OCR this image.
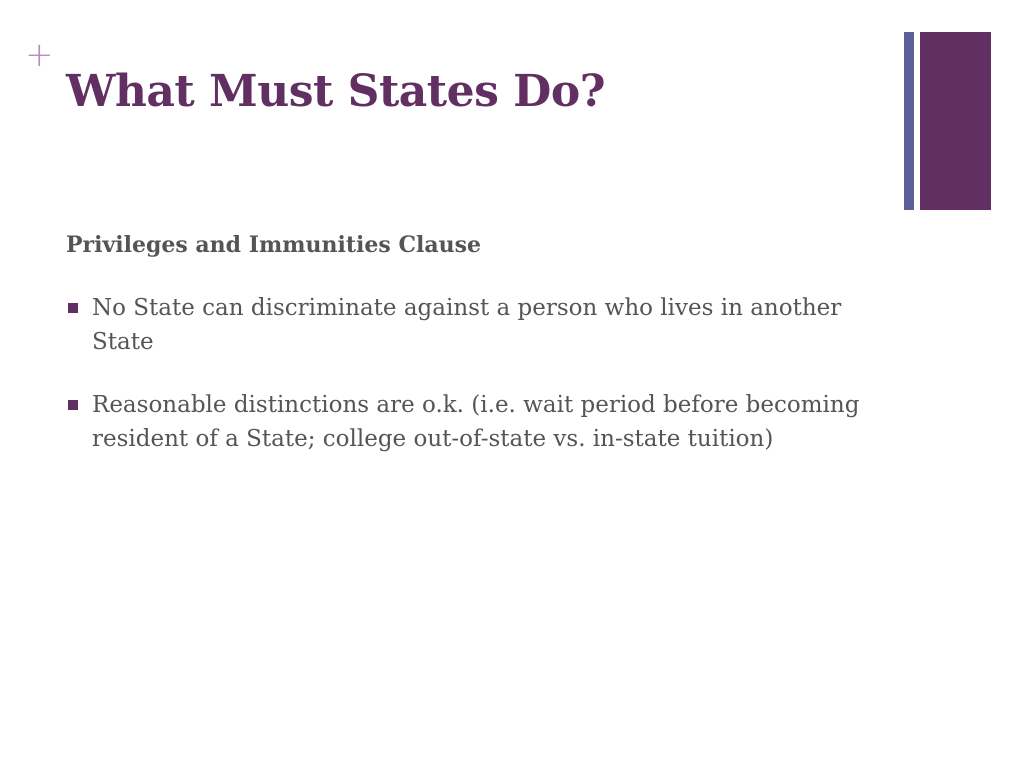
+
What Must States Do?
Privileges and Immunities Clause
No State can discriminate against a person who lives in another State
Reasonable distinctions are o.k. (i.e. wait period before becoming resident of a State; college out-of-state vs. in-state tuition)
